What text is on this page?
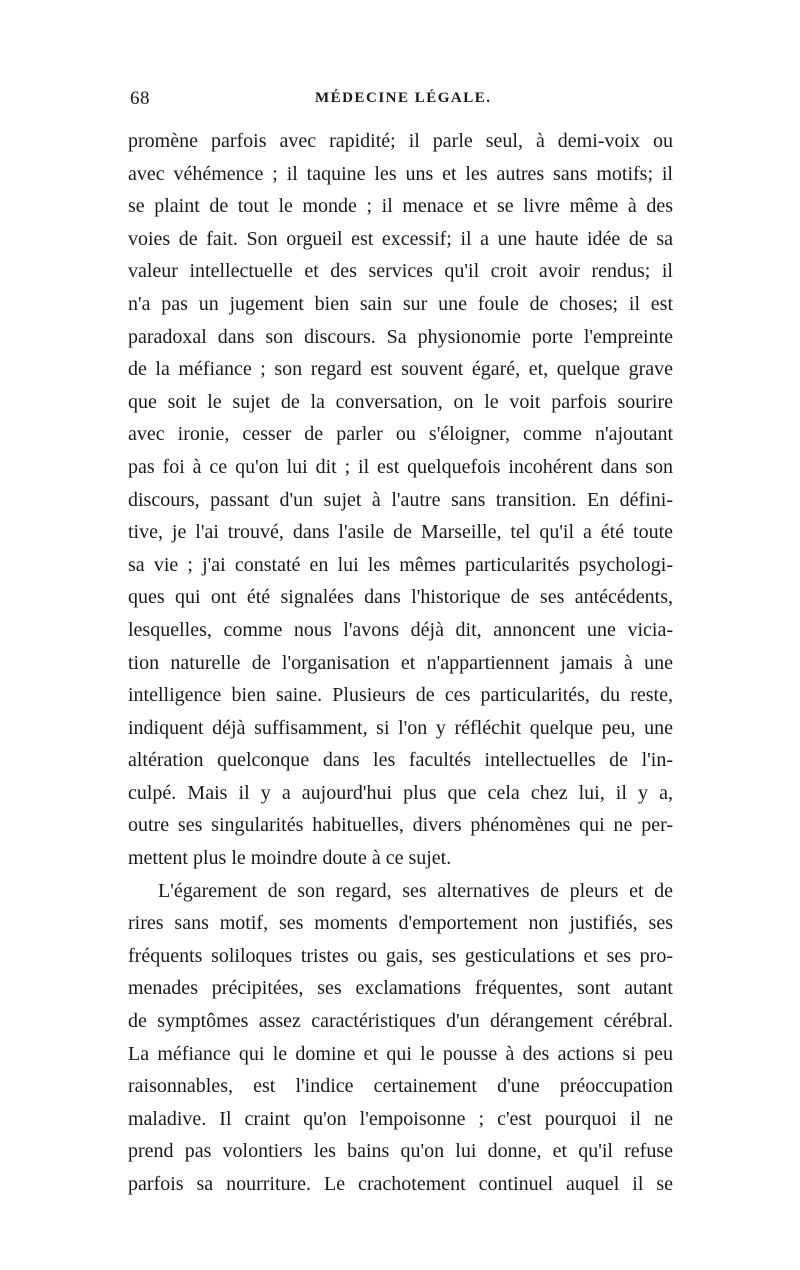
68	MÉDECINE LÉGALE.
promène parfois avec rapidité; il parle seul, à demi-voix ou
avec véhémence ; il taquine les uns et les autres sans motifs; il
se plaint de tout le monde ; il menace et se livre même à des
voies de fait. Son orgueil est excessif; il a une haute idée de sa
valeur intellectuelle et des services qu'il croit avoir rendus; il
n'a pas un jugement bien sain sur une foule de choses; il est
paradoxal dans son discours. Sa physionomie porte l'empreinte
de la méfiance ; son regard est souvent égaré, et, quelque grave
que soit le sujet de la conversation, on le voit parfois sourire
avec ironie, cesser de parler ou s'éloigner, comme n'ajoutant
pas foi à ce qu'on lui dit ; il est quelquefois incohérent dans son
discours, passant d'un sujet à l'autre sans transition. En défini-
tive, je l'ai trouvé, dans l'asile de Marseille, tel qu'il a été toute
sa vie ; j'ai constaté en lui les mêmes particularités psychologi-
ques qui ont été signalées dans l'historique de ses antécédents,
lesquelles, comme nous l'avons déjà dit, annoncent une vicia-
tion naturelle de l'organisation et n'appartiennent jamais à une
intelligence bien saine. Plusieurs de ces particularités, du reste,
indiquent déjà suffisamment, si l'on y réfléchit quelque peu, une
altération quelconque dans les facultés intellectuelles de l'in-
culpé. Mais il y a aujourd'hui plus que cela chez lui, il y a,
outre ses singularités habituelles, divers phénomènes qui ne per-
mettent plus le moindre doute à ce sujet.
L'égarement de son regard, ses alternatives de pleurs et de
rires sans motif, ses moments d'emportement non justifiés, ses
fréquents soliloques tristes ou gais, ses gesticulations et ses pro-
menades précipitées, ses exclamations fréquentes, sont autant
de symptômes assez caractéristiques d'un dérangement cérébral.
La méfiance qui le domine et qui le pousse à des actions si peu
raisonnables, est l'indice certainement d'une préoccupation
maladive. Il craint qu'on l'empoisonne ; c'est pourquoi il ne
prend pas volontiers les bains qu'on lui donne, et qu'il refuse
parfois sa nourriture. Le crachotement continuel auquel il se
